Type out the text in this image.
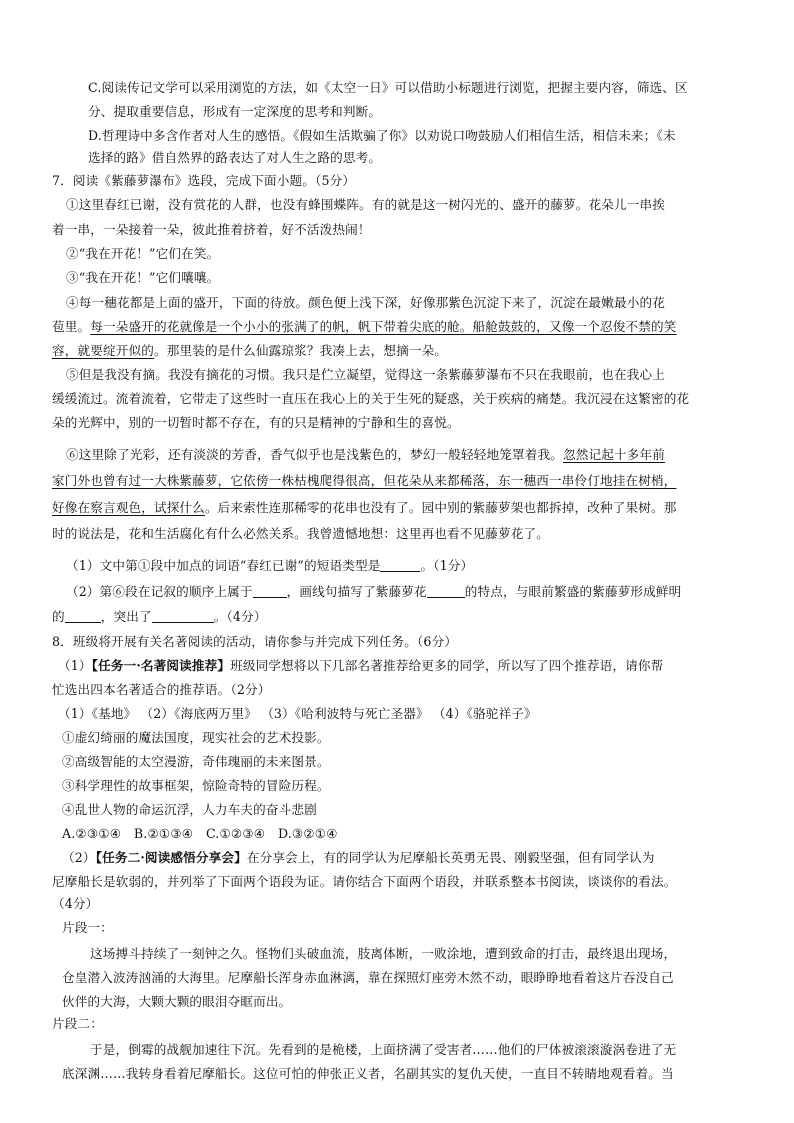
C.阅读传记文学可以采用浏览的方法，如《太空一日》可以借助小标题进行浏览，把握主要内容，筛选、区
分、提取重要信息，形成有一定深度的思考和判断。
D.哲理诗中多含作者对人生的感悟。《假如生活欺骗了你》以劝说口吻鼓励人们相信生活，相信未来；《未
选择的路》借自然界的路表达了对人生之路的思考。
7．阅读《紫藤萝瀑布》选段，完成下面小题。（5分）
①这里春红已谢，没有赏花的人群，也没有蜂围蝶阵。有的就是这一树闪光的、盛开的藤萝。花朵儿一串挨
着一串，一朵接着一朵，彼此推着挤着，好不活泼热闹！
②“我在开花！”它们在笑。
③“我在开花！”它们嚷嚷。
④每一穗花都是上面的盛开，下面的待放。颜色便上浅下深，好像那紫色沉淀下来了，沉淀在最嫩最小的花
苞里。每一朵盛开的花就像是一个小小的张满了的帆，帆下带着尖底的舱。船舱鼓鼓的，又像一个忍俊不禁的笑
容，就要绽开似的。那里装的是什么仙露琼浆？我凑上去，想摘一朵。
⑤但是我没有摘。我没有摘花的习惯。我只是伫立凝望，觉得这一条紫藤萝瀑布不只在我眼前，也在我心上
缓缓流过。流着流着，它带走了这些时一直压在我心上的关于生死的疑惑，关于疾病的痛楚。我沉浸在这繁密的花
朵的光辉中，别的一切暂时都不存在，有的只是精神的宁静和生的喜悦。
⑥这里除了光彩，还有淡淡的芳香，香气似乎也是浅紫色的，梦幻一般轻轻地笼罩着我。忽然记起十多年前
家门外也曾有过一大株紫藤萝，它依傍一株枯槐爬得很高，但花朵从来都稀落，东一穗西一串伶仃地挂在树梢，
好像在察言观色，试探什么。后来索性连那稀零的花串也没有了。园中别的紫藤萝架也都拆掉，改种了果树。那
时的说法是，花和生活腐化有什么必然关系。我曾遗憾地想：这里再也看不见藤萝花了。
（1）文中第①段中加点的词语“春红已谢”的短语类型是	。（1分）
（2）第⑥段在记叙的顺序上属于	，画线句描写了紫藤萝花	的特点，与眼前繁盛的紫藤萝形成鲜明
的	，突出了	。（4分）
8．班级将开展有关名著阅读的活动，请你参与并完成下列任务。（6分）
（1）【任务一·名著阅读推荐】班级同学想将以下几部名著推荐给更多的同学，所以写了四个推荐语，请你帮
忙选出四本名著适合的推荐语。（2分）
（1）《基地》 （2）《海底两万里》 （3）《哈利波特与死亡圣器》 （4）《骆驼祥子》
①虚幻绮丽的魔法国度，现实社会的艺术投影。
②高级智能的太空漫游，奇伟瑰丽的未来图景。
③科学理性的故事框架，惊险奇特的冒险历程。
④乱世人物的命运沉浮，人力车夫的奋斗悲剧
A.②③①④　B.②①③④　C.①②③④　D.③②①④
（2）【任务二·阅读感悟分享会】在分享会上，有的同学认为尼摩船长英勇无畏、刚毅坚强，但有同学认为
尼摩船长是软弱的，并列举了下面两个语段为证。请你结合下面两个语段，并联系整本书阅读，谈谈你的看法。
（4分）
片段一：
这场搏斗持续了一刻钟之久。怪物们头破血流，肢离体断，一败涂地，遭到致命的打击，最终退出现场，
仓皇潜入波涛汹涌的大海里。尼摩船长浑身赤血淋漓，靠在探照灯座旁木然不动，眼睁睁地看着这片吞没自己
伙伴的大海，大颗大颗的眼泪夺眶而出。
片段二：
于是，倒霉的战舰加速往下沉。先看到的是桅楼，上面挤满了受害者……他们的尸体被滚滚漩涡卷进了无
底深渊……我转身看着尼摩船长。这位可怕的伸张正义者，名副其实的复仇天使，一直目不转睛地观看着。当
